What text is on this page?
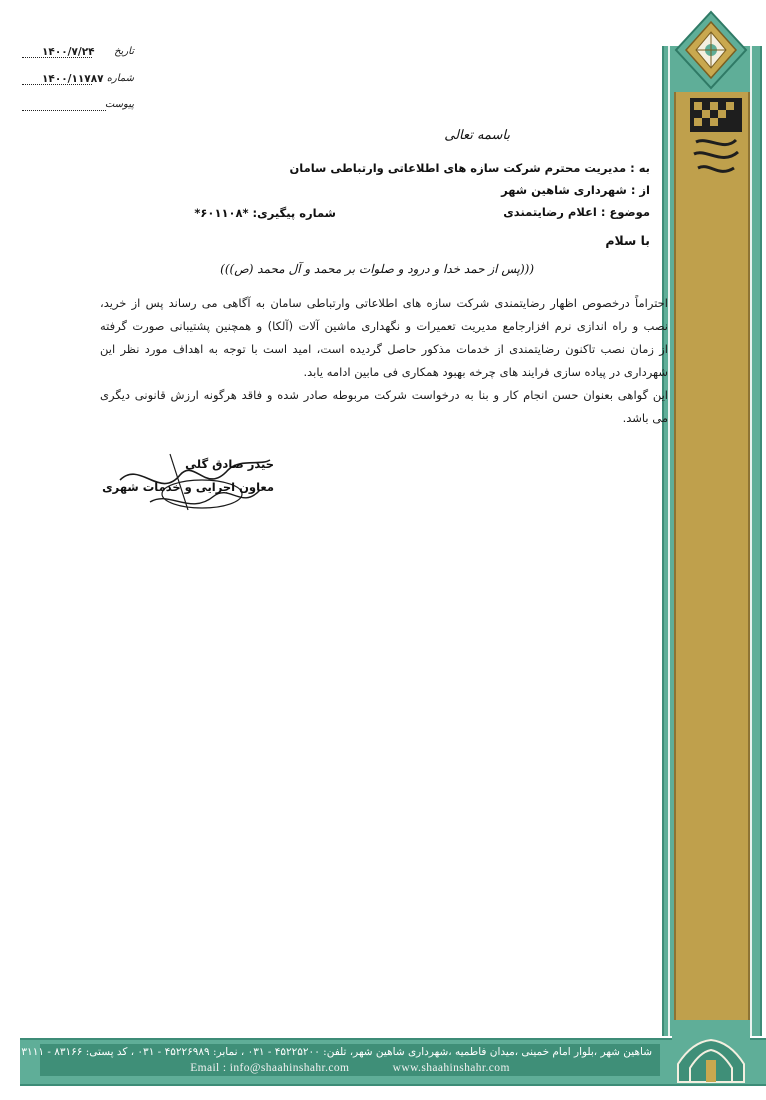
۱۴۰۰/۷/۲۴ تاریخ
۱۴۰۰/۱۱۷۸۷ شماره
پیوست
باسمه تعالی
به : مدیریت محترم شرکت سازه های اطلاعاتی وارتباطی سامان
از : شهرداری شاهین شهر
موضوع : اعلام رضایتمندی
شماره پیگیری: *۶۰۱۱۰۸*
با سلام
(((پس از حمد خدا و درود و صلوات بر محمد و آل محمد (ص)))
احتراماً درخصوص اظهار رضایتمندی شرکت سازه های اطلاعاتی وارتباطی سامان به آگاهی می رساند پس از خرید،
نصب و راه اندازی نرم افزارجامع مدیریت تعمیرات و نگهداری ماشین آلات (آلکا) و همچنین پشتیبانی صورت گرفته
از زمان نصب تاکنون رضایتمندی از خدمات مذکور حاصل گردیده است، امید است با توجه به اهداف مورد نظر این
شهرداری در پیاده سازی فرایند های چرخه بهبود همکاری فی مابین ادامه یابد.
این گواهی بعنوان حسن انجام کار و بنا به درخواست شرکت مربوطه صادر شده و فاقد هرگونه ارزش قانونی دیگری
می باشد.
حیدر صادق گلی
معاون اجرایی و خدمات شهری
شاهین شهر ،بلوار امام خمینی ،میدان فاطمیه ،شهرداری شاهین شهر، تلفن: ۴۵۲۲۵۲۰۰ - ۰۳۱ ، نمابر: ۴۵۲۲۶۹۸۹ - ۰۳۱ ، کد پستی: ۸۳۱۶۶ - ۱۳۱۱۱
Email : info@shaahinshahr.com	www.shaahinshahr.com
